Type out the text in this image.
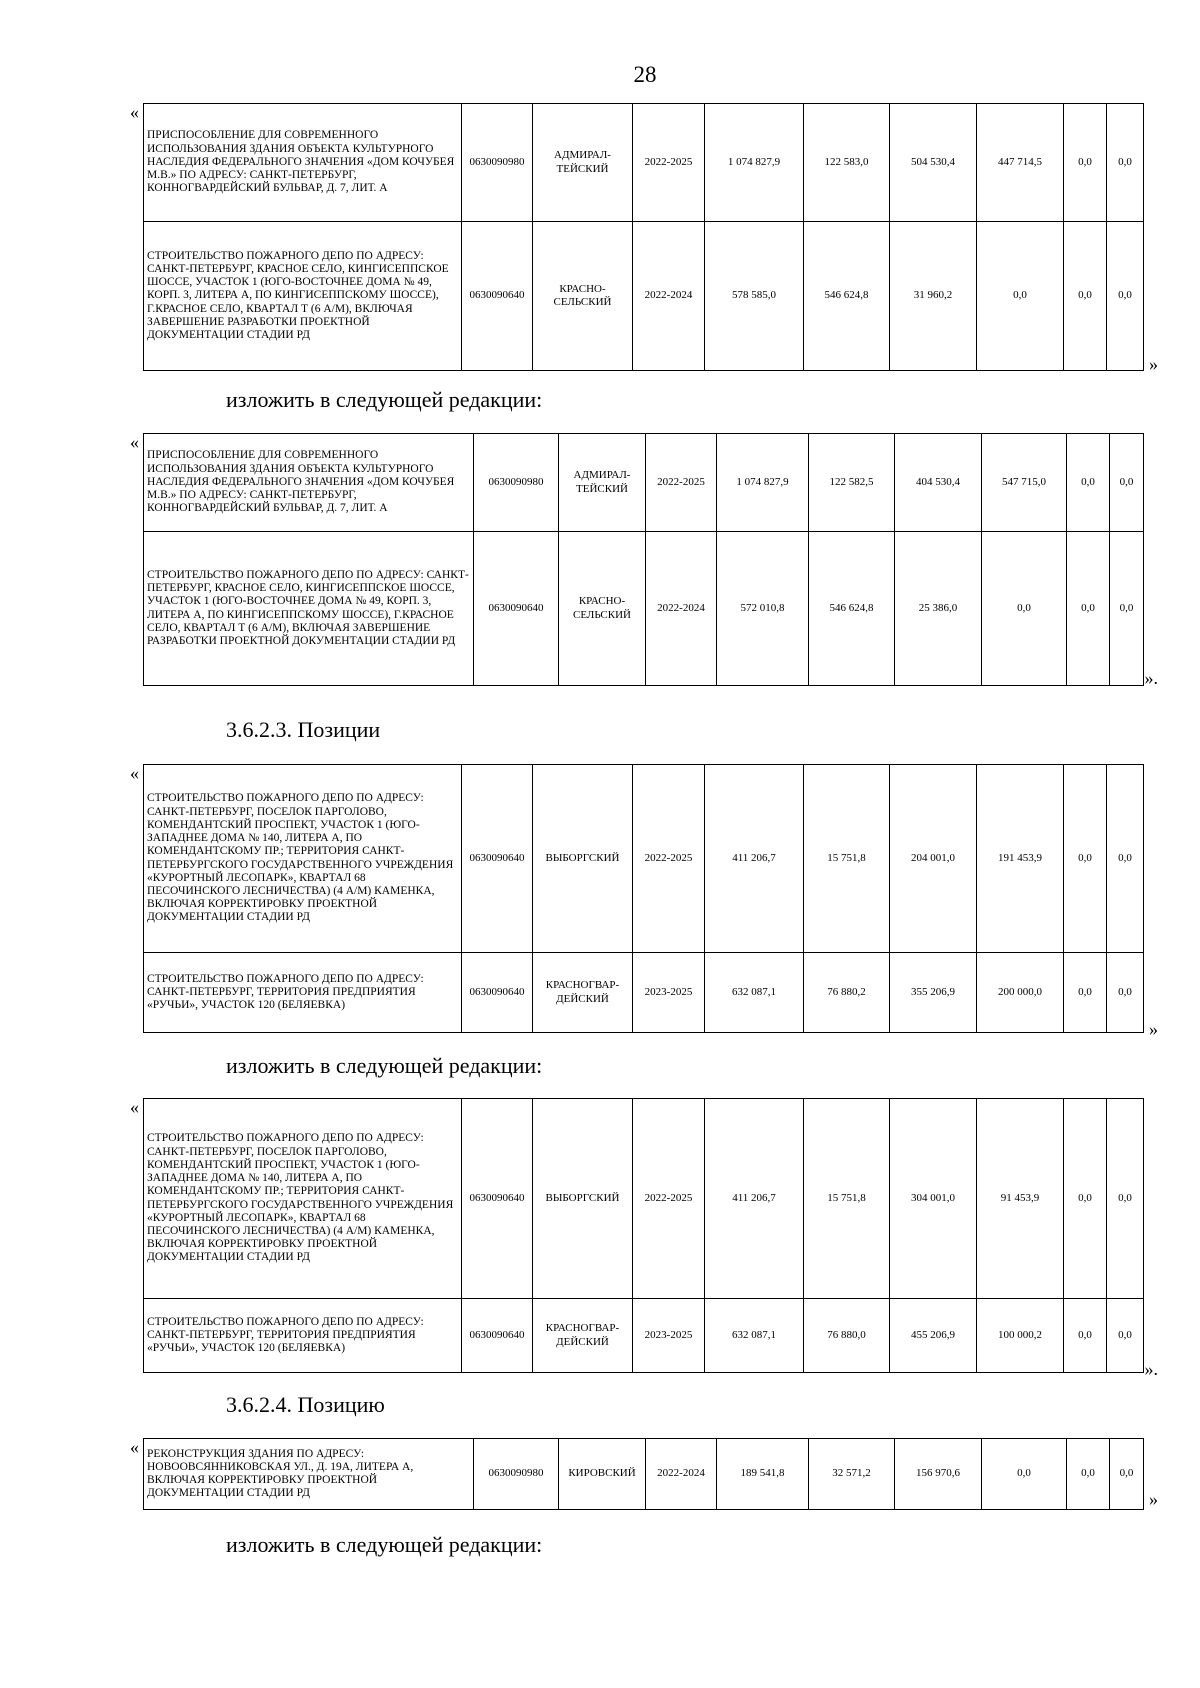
28
«
ПРИСПОСОБЛЕНИЕ ДЛЯ СОВРЕМЕННОГО ИСПОЛЬЗОВАНИЯ ЗДАНИЯ ОБЪЕКТА КУЛЬТУРНОГО НАСЛЕДИЯ ФЕДЕРАЛЬНОГО ЗНАЧЕНИЯ «ДОМ КОЧУБЕЯ М.В.» ПО АДРЕСУ: САНКТ-ПЕТЕРБУРГ, КОННОГВАРДЕЙСКИЙ БУЛЬВАР, Д. 7, ЛИТ. А	0630090980	АДМИРАЛ-ТЕЙСКИЙ	2022-2025	1 074 827,9	122 583,0	504 530,4	447 714,5	0,0	0,0
СТРОИТЕЛЬСТВО ПОЖАРНОГО ДЕПО ПО АДРЕСУ: САНКТ-ПЕТЕРБУРГ, КРАСНОЕ СЕЛО, КИНГИСЕППСКОЕ ШОССЕ, УЧАСТОК 1 (ЮГО-ВОСТОЧНЕЕ ДОМА № 49, КОРП. 3, ЛИТЕРА А, ПО КИНГИСЕППСКОМУ ШОССЕ), Г.КРАСНОЕ СЕЛО, КВАРТАЛ Т (6 А/М), ВКЛЮЧАЯ ЗАВЕРШЕНИЕ РАЗРАБОТКИ ПРОЕКТНОЙ ДОКУМЕНТАЦИИ СТАДИИ РД	0630090640	КРАСНО-СЕЛЬСКИЙ	2022-2024	578 585,0	546 624,8	31 960,2	0,0	0,0	0,0
»
изложить в следующей редакции:
«
ПРИСПОСОБЛЕНИЕ ДЛЯ СОВРЕМЕННОГО ИСПОЛЬЗОВАНИЯ ЗДАНИЯ ОБЪЕКТА КУЛЬТУРНОГО НАСЛЕДИЯ ФЕДЕРАЛЬНОГО ЗНАЧЕНИЯ «ДОМ КОЧУБЕЯ М.В.» ПО АДРЕСУ: САНКТ-ПЕТЕРБУРГ, КОННОГВАРДЕЙСКИЙ БУЛЬВАР, Д. 7, ЛИТ. А	0630090980	АДМИРАЛ-ТЕЙСКИЙ	2022-2025	1 074 827,9	122 582,5	404 530,4	547 715,0	0,0	0,0
СТРОИТЕЛЬСТВО ПОЖАРНОГО ДЕПО ПО АДРЕСУ: САНКТ-ПЕТЕРБУРГ, КРАСНОЕ СЕЛО, КИНГИСЕППСКОЕ ШОССЕ, УЧАСТОК 1 (ЮГО-ВОСТОЧНЕЕ ДОМА № 49, КОРП. 3, ЛИТЕРА А, ПО КИНГИСЕППСКОМУ ШОССЕ), Г.КРАСНОЕ СЕЛО, КВАРТАЛ Т (6 А/М), ВКЛЮЧАЯ ЗАВЕРШЕНИЕ РАЗРАБОТКИ ПРОЕКТНОЙ ДОКУМЕНТАЦИИ СТАДИИ РД	0630090640	КРАСНО-СЕЛЬСКИЙ	2022-2024	572 010,8	546 624,8	25 386,0	0,0	0,0	0,0
».
3.6.2.3. Позиции
«
СТРОИТЕЛЬСТВО ПОЖАРНОГО ДЕПО ПО АДРЕСУ: САНКТ-ПЕТЕРБУРГ, ПОСЕЛОК ПАРГОЛОВО, КОМЕНДАНТСКИЙ ПРОСПЕКТ, УЧАСТОК 1 (ЮГО-ЗАПАДНЕЕ ДОМА № 140, ЛИТЕРА А, ПО КОМЕНДАНТСКОМУ ПР.; ТЕРРИТОРИЯ САНКТ-ПЕТЕРБУРГСКОГО ГОСУДАРСТВЕННОГО УЧРЕЖДЕНИЯ «КУРОРТНЫЙ ЛЕСОПАРК», КВАРТАЛ 68 ПЕСОЧИНСКОГО ЛЕСНИЧЕСТВА) (4 А/М) КАМЕНКА, ВКЛЮЧАЯ КОРРЕКТИРОВКУ ПРОЕКТНОЙ ДОКУМЕНТАЦИИ СТАДИИ РД	0630090640	ВЫБОРГСКИЙ	2022-2025	411 206,7	15 751,8	204 001,0	191 453,9	0,0	0,0
СТРОИТЕЛЬСТВО ПОЖАРНОГО ДЕПО ПО АДРЕСУ: САНКТ-ПЕТЕРБУРГ, ТЕРРИТОРИЯ ПРЕДПРИЯТИЯ «РУЧЬИ», УЧАСТОК 120 (БЕЛЯЕВКА)	0630090640	КРАСНОГВАР-ДЕЙСКИЙ	2023-2025	632 087,1	76 880,2	355 206,9	200 000,0	0,0	0,0
»
изложить в следующей редакции:
«
СТРОИТЕЛЬСТВО ПОЖАРНОГО ДЕПО ПО АДРЕСУ: САНКТ-ПЕТЕРБУРГ, ПОСЕЛОК ПАРГОЛОВО, КОМЕНДАНТСКИЙ ПРОСПЕКТ, УЧАСТОК 1 (ЮГО-ЗАПАДНЕЕ ДОМА № 140, ЛИТЕРА А, ПО КОМЕНДАНТСКОМУ ПР.; ТЕРРИТОРИЯ САНКТ-ПЕТЕРБУРГСКОГО ГОСУДАРСТВЕННОГО УЧРЕЖДЕНИЯ «КУРОРТНЫЙ ЛЕСОПАРК», КВАРТАЛ 68 ПЕСОЧИНСКОГО ЛЕСНИЧЕСТВА) (4 А/М) КАМЕНКА, ВКЛЮЧАЯ КОРРЕКТИРОВКУ ПРОЕКТНОЙ ДОКУМЕНТАЦИИ СТАДИИ РД	0630090640	ВЫБОРГСКИЙ	2022-2025	411 206,7	15 751,8	304 001,0	91 453,9	0,0	0,0
СТРОИТЕЛЬСТВО ПОЖАРНОГО ДЕПО ПО АДРЕСУ: САНКТ-ПЕТЕРБУРГ, ТЕРРИТОРИЯ ПРЕДПРИЯТИЯ «РУЧЬИ», УЧАСТОК 120 (БЕЛЯЕВКА)	0630090640	КРАСНОГВАР-ДЕЙСКИЙ	2023-2025	632 087,1	76 880,0	455 206,9	100 000,2	0,0	0,0
».
3.6.2.4. Позицию
« РЕКОНСТРУКЦИЯ ЗДАНИЯ ПО АДРЕСУ: НОВООВСЯННИКОВСКАЯ УЛ., Д. 19А, ЛИТЕРА А, ВКЛЮЧАЯ КОРРЕКТИРОВКУ ПРОЕКТНОЙ ДОКУМЕНТАЦИИ СТАДИИ РД	0630090980	КИРОВСКИЙ	2022-2024	189 541,8	32 571,2	156 970,6	0,0	0,0	0,0
»
изложить в следующей редакции:
